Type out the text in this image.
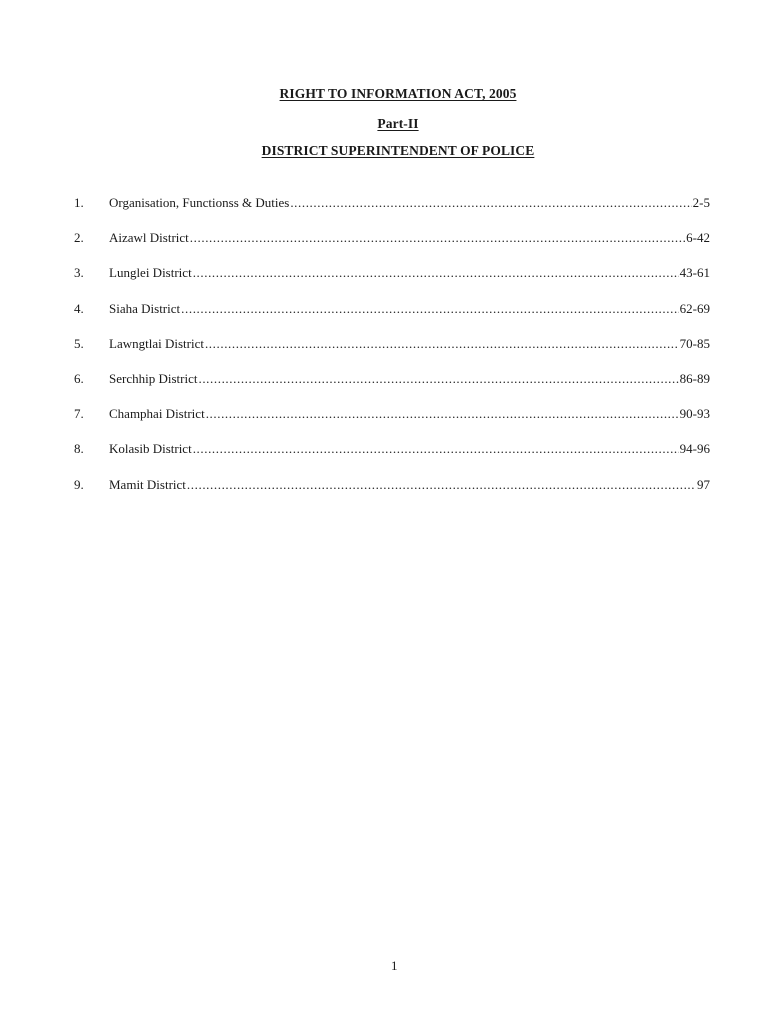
RIGHT TO INFORMATION ACT, 2005
Part-II
DISTRICT SUPERINTENDENT OF POLICE
1.	Organisation, Functionss & Duties .....	2-5
2.	Aizawl District .....	6-42
3.	Lunglei District .....	43-61
4.	Siaha District .....	62-69
5.	Lawngtlai District .....	70-85
6.	Serchhip District .....	86-89
7.	Champhai District .....	90-93
8.	Kolasib District .....	94-96
9.	Mamit District .....	97
1
